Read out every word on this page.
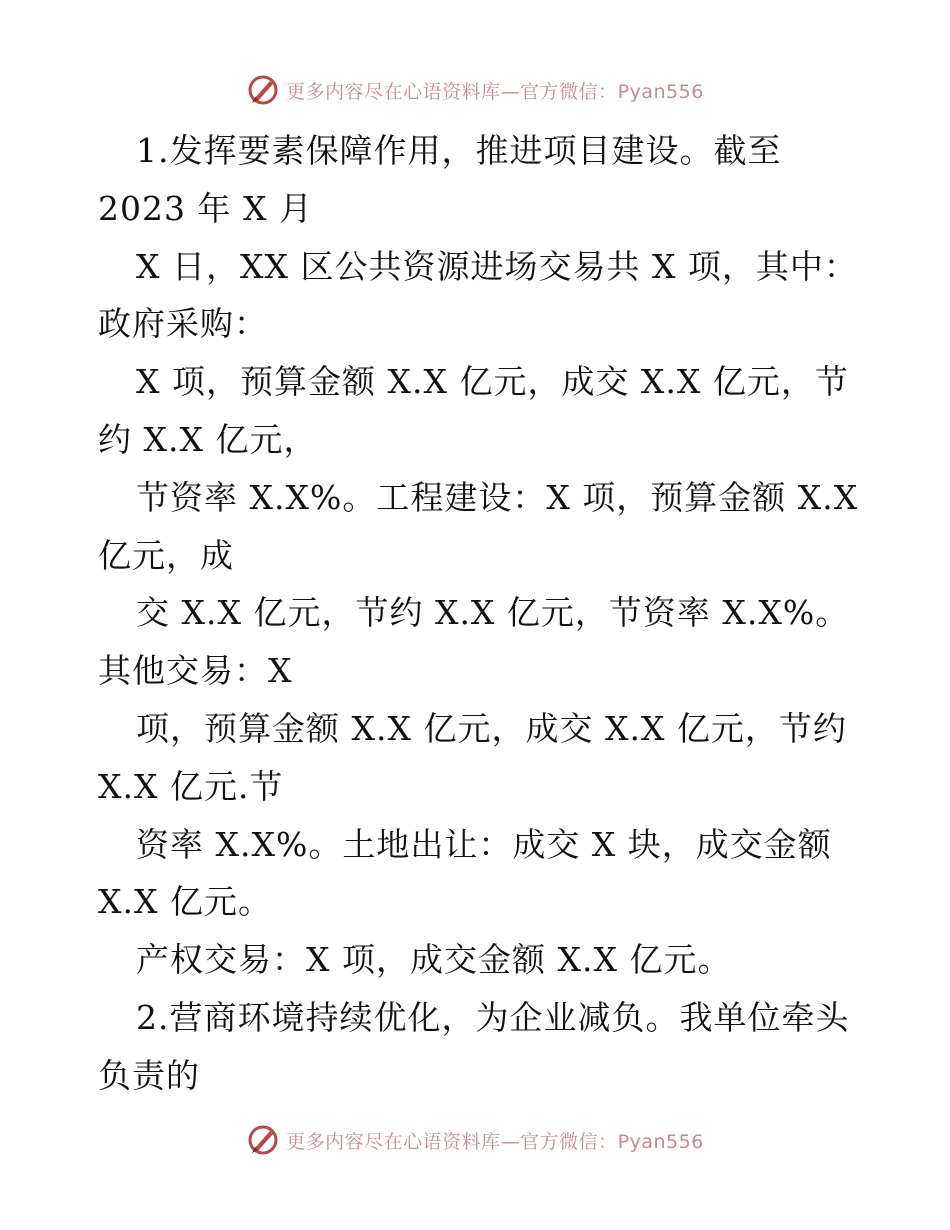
更多内容尽在心语资料库—官方微信：Pyan556
1.发挥要素保障作用，推进项目建设。截至
2023 年 X 月
X 日，XX 区公共资源进场交易共 X 项，其中：
政府采购：
X 项，预算金额 X.X 亿元，成交 X.X 亿元，节
约 X.X 亿元，
节资率 X.X%。工程建设：X 项，预算金额 X.X
亿元，成
交 X.X 亿元，节约 X.X 亿元，节资率 X.X%。
其他交易：X
项，预算金额 X.X 亿元，成交 X.X 亿元，节约
X.X 亿元.节
资率 X.X%。土地出让：成交 X 块，成交金额
X.X 亿元。
产权交易：X 项，成交金额 X.X 亿元。
2.营商环境持续优化，为企业减负。我单位牵头
负责的
更多内容尽在心语资料库—官方微信：Pyan556
